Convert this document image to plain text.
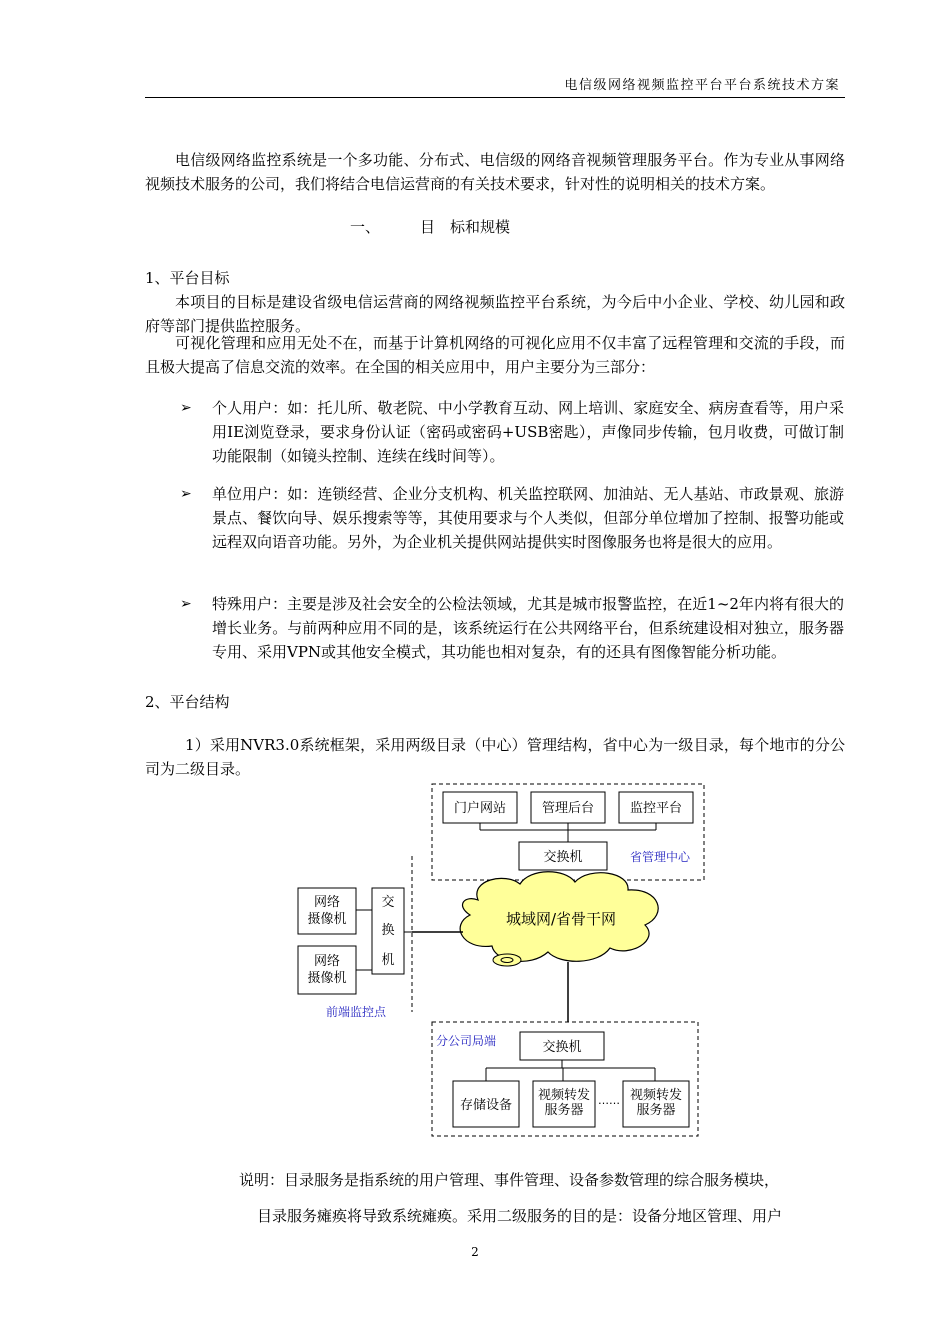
电信级网络视频监控平台平台系统技术方案
电信级网络监控系统是一个多功能、分布式、电信级的网络音视频管理服务平台。作为专业从事网络视频技术服务的公司，我们将结合电信运营商的有关技术要求，针对性的说明相关的技术方案。
一、	目　标和规模
1、平台目标
本项目的目标是建设省级电信运营商的网络视频监控平台系统，为今后中小企业、学校、幼儿园和政府等部门提供监控服务。
可视化管理和应用无处不在，而基于计算机网络的可视化应用不仅丰富了远程管理和交流的手段，而且极大提高了信息交流的效率。在全国的相关应用中，用户主要分为三部分：
➢ 个人用户：如：托儿所、敬老院、中小学教育互动、网上培训、家庭安全、病房查看等，用户采用IE浏览登录，要求身份认证（密码或密码+USB密匙），声像同步传输，包月收费，可做订制功能限制（如镜头控制、连续在线时间等）。
➢ 单位用户：如：连锁经营、企业分支机构、机关监控联网、加油站、无人基站、市政景观、旅游景点、餐饮向导、娱乐搜索等等，其使用要求与个人类似，但部分单位增加了控制、报警功能或远程双向语音功能。另外，为企业机关提供网站提供实时图像服务也将是很大的应用。
➢ 特殊用户：主要是涉及社会安全的公检法领域，尤其是城市报警监控，在近1~2年内将有很大的增长业务。与前两种应用不同的是，该系统运行在公共网络平台，但系统建设相对独立，服务器专用、采用VPN或其他安全模式，其功能也相对复杂，有的还具有图像智能分析功能。
2、平台结构
1）采用NVR3.0系统框架，采用两级目录（中心）管理结构，省中心为一级目录，每个地市的分公司为二级目录。
门户网站	管理后台	监控平台
交换机	省管理中心
城域网/省骨干网
网络
摄像机
网络
摄像机
交
换
机
前端监控点
分公司局端	交换机
存储设备
视频转发
服务器
…… 视频转发
服务器
说明：目录服务是指系统的用户管理、事件管理、设备参数管理的综合服务模块，
目录服务瘫痪将导致系统瘫痪。采用二级服务的目的是：设备分地区管理、用户
2
